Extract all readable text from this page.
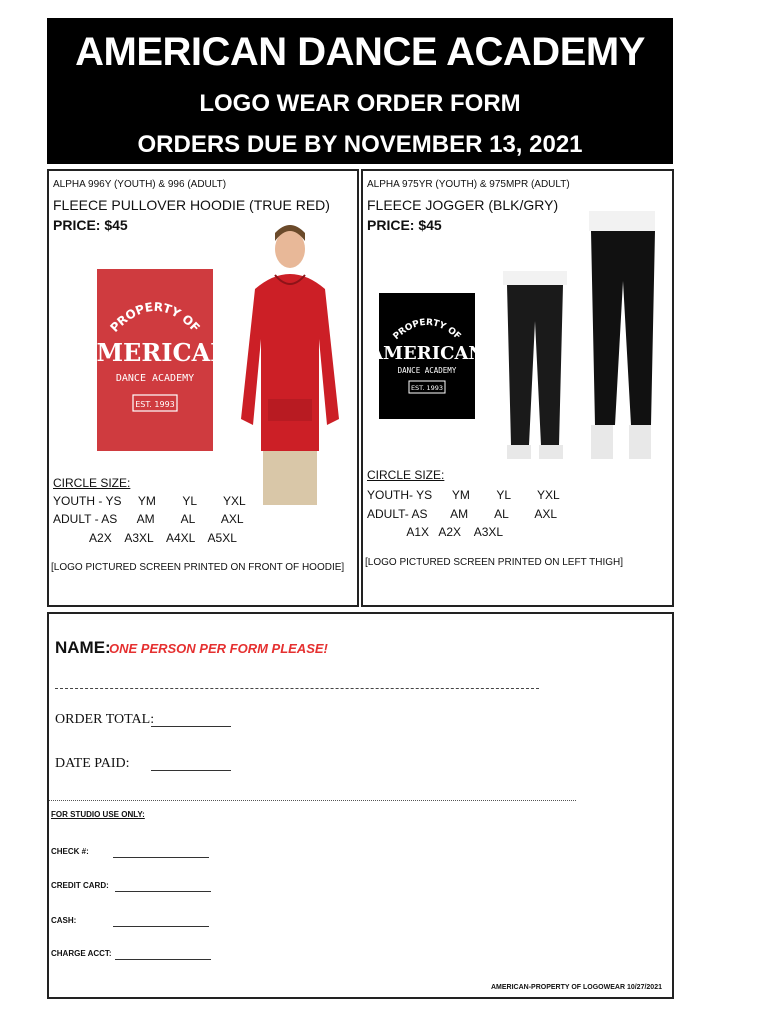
AMERICAN DANCE ACADEMY
LOGO WEAR ORDER FORM
ORDERS DUE BY NOVEMBER 13, 2021
ALPHA 996Y (YOUTH) & 996 (ADULT)
FLEECE PULLOVER HOODIE (TRUE RED)
PRICE: $45
PROPERTY OF
MERICA
DANCE ACADEMY
EST. 1993
CIRCLE SIZE:
YOUTH - YS     YM        YL        YXL
ADULT - AS      AM        AL        AXL
A2X    A3XL    A4XL    A5XL
[LOGO PICTURED SCREEN PRINTED ON FRONT OF HOODIE]
ALPHA 975YR (YOUTH) & 975MPR (ADULT)
FLEECE JOGGER (BLK/GRY)
PRICE: $45
PROPERTY OF
MERICA
DANCE ACADEMY
EST. 1993
CIRCLE SIZE:
YOUTH- YS      YM        YL        YXL
ADULT- AS       AM        AL        AXL
A1X   A2X    A3XL
[LOGO PICTURED SCREEN PRINTED ON LEFT THIGH]
NAME:
ONE PERSON PER FORM PLEASE!
ORDER TOTAL:
DATE PAID:
FOR STUDIO USE ONLY:
CHECK #:
CREDIT CARD:
CASH:
CHARGE ACCT:
AMERICAN-PROPERTY OF LOGOWEAR 10/27/2021
